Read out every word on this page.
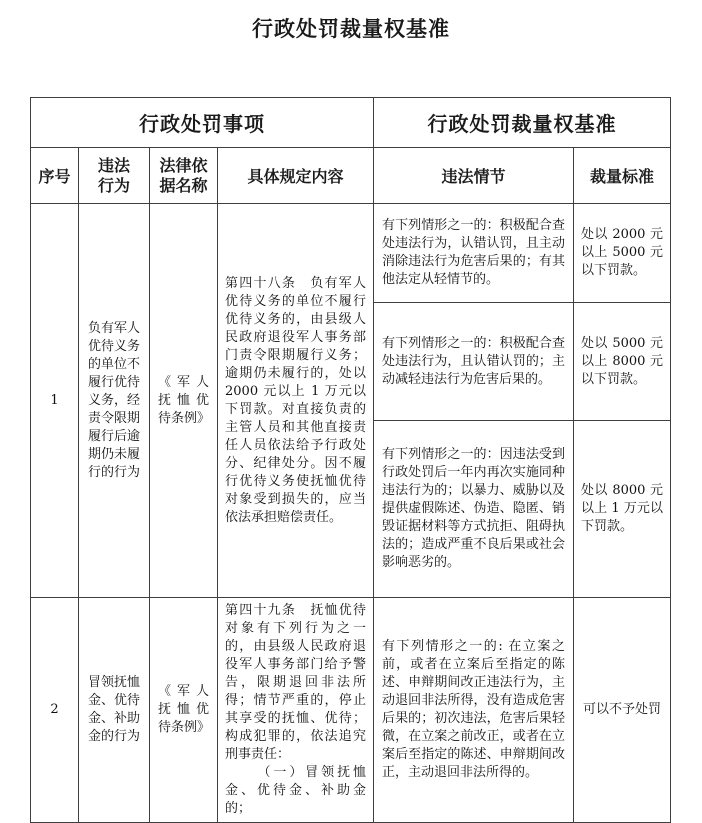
行政处罚裁量权基准
行政处罚事项				行政处罚裁量权基准	
序号	违法行为	法律依据名称	具体规定内容	违法情节	裁量标准
1	负有军人优待义务的单位不履行优待义务，经责令限期履行后逾期仍未履行的行为	《军人抚恤优待条例》	第四十八条　负有军人优待义务的单位不履行优待义务的，由县级人民政府退役军人事务部门责令限期履行义务；逾期仍未履行的，处以 2000 元以上 1 万元以下罚款。对直接负责的主管人员和其他直接责任人员依法给予行政处分、纪律处分。因不履行优待义务使抚恤优待对象受到损失的，应当依法承担赔偿责任。	有下列情形之一的：积极配合查处违法行为，认错认罚，且主动消除违法行为危害后果的；有其他法定从轻情节的。	处以 2000 元以上 5000 元以下罚款。
				有下列情形之一的：积极配合查处违法行为，且认错认罚的；主动减轻违法行为危害后果的。	处以 5000 元以上 8000 元以下罚款。
				有下列情形之一的：因违法受到行政处罚后一年内再次实施同种违法行为的；以暴力、威胁以及提供虚假陈述、伪造、隐匿、销毁证据材料等方式抗拒、阻碍执法的；造成严重不良后果或社会影响恶劣的。	处以 8000 元以上 1 万元以下罚款。
2	冒领抚恤金、优待金、补助金的行为	《军人抚恤优待条例》	第四十九条　抚恤优待对象有下列行为之一的，由县级人民政府退役军人事务部门给予警告，限期退回非法所得；情节严重的，停止其享受的抚恤、优待；构成犯罪的，依法追究刑事责任：

（一）冒领抚恤金、优待金、补助金的；	有下列情形之一的: 在立案之前，或者在立案后至指定的陈述、申辩期间改正违法行为，主动退回非法所得，没有造成危害后果的；初次违法，危害后果轻微，在立案之前改正，或者在立案后至指定的陈述、申辩期间改正，主动退回非法所得的。	可以不予处罚
